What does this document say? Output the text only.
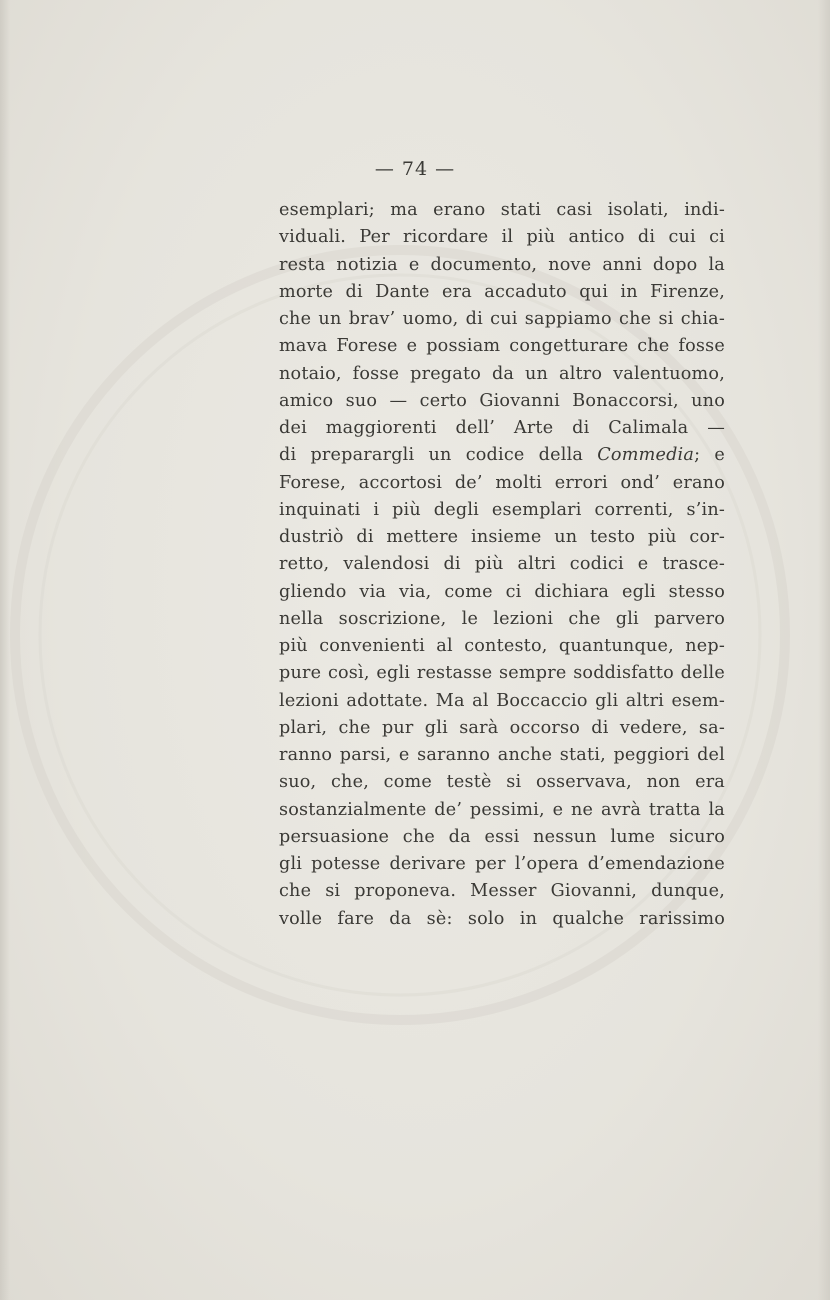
— 74 —
esemplari; ma erano stati casi isolati, indi-
viduali. Per ricordare il più antico di cui ci
resta notizia e documento, nove anni dopo la
morte di Dante era accaduto qui in Firenze,
che un brav’ uomo, di cui sappiamo che si chia-
mava Forese e possiam congetturare che fosse
notaio, fosse pregato da un altro valentuomo,
amico suo — certo Giovanni Bonaccorsi, uno
dei maggiorenti dell’ Arte di Calimala —
di preparargli un codice della Commedia; e
Forese, accortosi de’ molti errori ond’ erano
inquinati i più degli esemplari correnti, s’in-
dustriò di mettere insieme un testo più cor-
retto, valendosi di più altri codici e trasce-
gliendo via via, come ci dichiara egli stesso
nella soscrizione, le lezioni che gli parvero
più convenienti al contesto, quantunque, nep-
pure così, egli restasse sempre soddisfatto delle
lezioni adottate. Ma al Boccaccio gli altri esem-
plari, che pur gli sarà occorso di vedere, sa-
ranno parsi, e saranno anche stati, peggiori del
suo, che, come testè si osservava, non era
sostanzialmente de’ pessimi, e ne avrà tratta la
persuasione che da essi nessun lume sicuro
gli potesse derivare per l’opera d’emendazione
che si proponeva. Messer Giovanni, dunque,
volle fare da sè: solo in qualche rarissimo
